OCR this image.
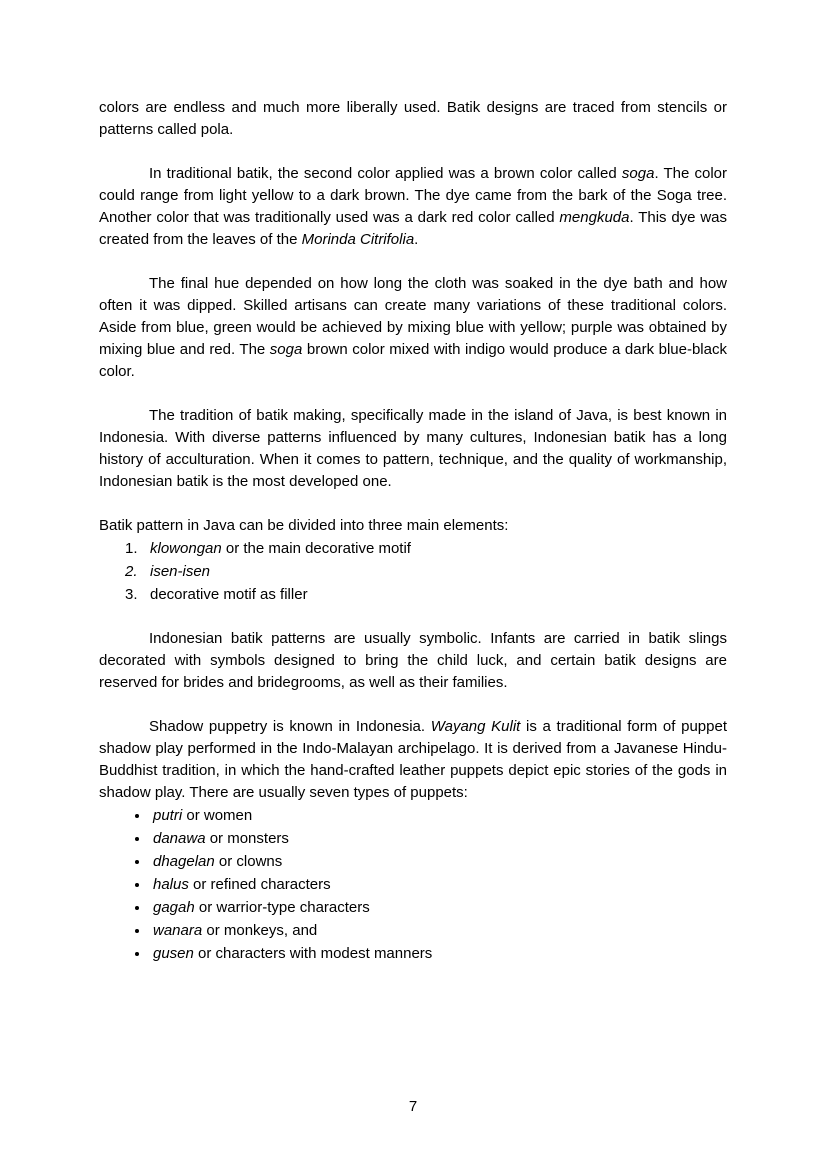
colors are endless and much more liberally used. Batik designs are traced from stencils or patterns called pola.

In traditional batik, the second color applied was a brown color called soga. The color could range from light yellow to a dark brown. The dye came from the bark of the Soga tree. Another color that was traditionally used was a dark red color called mengkuda. This dye was created from the leaves of the Morinda Citrifolia.

The final hue depended on how long the cloth was soaked in the dye bath and how often it was dipped. Skilled artisans can create many variations of these traditional colors. Aside from blue, green would be achieved by mixing blue with yellow; purple was obtained by mixing blue and red. The soga brown color mixed with indigo would produce a dark blue-black color.

The tradition of batik making, specifically made in the island of Java, is best known in Indonesia. With diverse patterns influenced by many cultures, Indonesian batik has a long history of acculturation. When it comes to pattern, technique, and the quality of workmanship, Indonesian batik is the most developed one.

Batik pattern in Java can be divided into three main elements:

1. klowongan or the main decorative motif
2. isen-isen
3. decorative motif as filler

Indonesian batik patterns are usually symbolic. Infants are carried in batik slings decorated with symbols designed to bring the child luck, and certain batik designs are reserved for brides and bridegrooms, as well as their families.

Shadow puppetry is known in Indonesia. Wayang Kulit is a traditional form of puppet shadow play performed in the Indo-Malayan archipelago. It is derived from a Javanese Hindu-Buddhist tradition, in which the hand-crafted leather puppets depict epic stories of the gods in shadow play. There are usually seven types of puppets:

• putri or women
• danawa or monsters
• dhagelan or clowns
• halus or refined characters
• gagah or warrior-type characters
• wanara or monkeys, and
• gusen or characters with modest manners
7
